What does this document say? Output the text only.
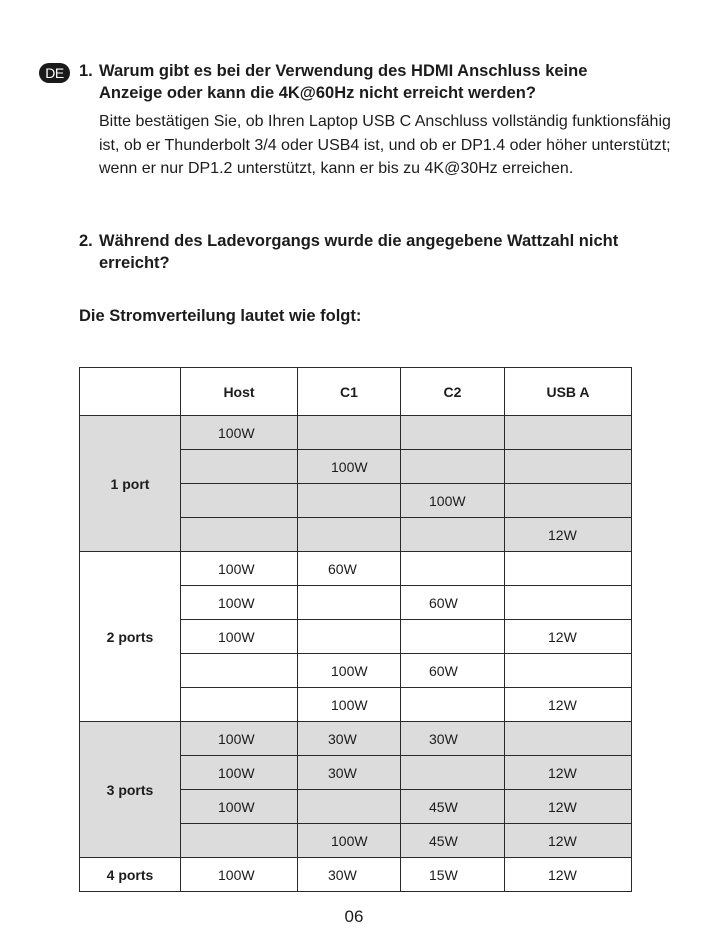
DE 1. Warum gibt es bei der Verwendung des HDMI Anschluss keine
Anzeige oder kann die 4K@60Hz nicht erreicht werden?

Bitte bestätigen Sie, ob Ihren Laptop USB C Anschluss vollständig funktionsfähig ist, ob er Thunderbolt 3/4 oder USB4 ist, und ob er DP1.4 oder höher unterstützt; wenn er nur DP1.2 unterstützt, kann er bis zu 4K@30Hz erreichen.

2. Während des Ladevorgangs wurde die angegebene Wattzahl nicht
erreicht?

Die Stromverteilung lautet wie folgt:

	Host	C1	C2	USB A
1 port	100W			

		100W		

			100W	

				12W

2 ports	100W	60W		

	100W		60W	

	100W			12W

		100W	60W	

		100W		12W

3 ports	100W	30W	30W	

	100W	30W		12W

	100W		45W	12W

		100W	45W	12W

4 ports	100W	30W	15W	12W
06
